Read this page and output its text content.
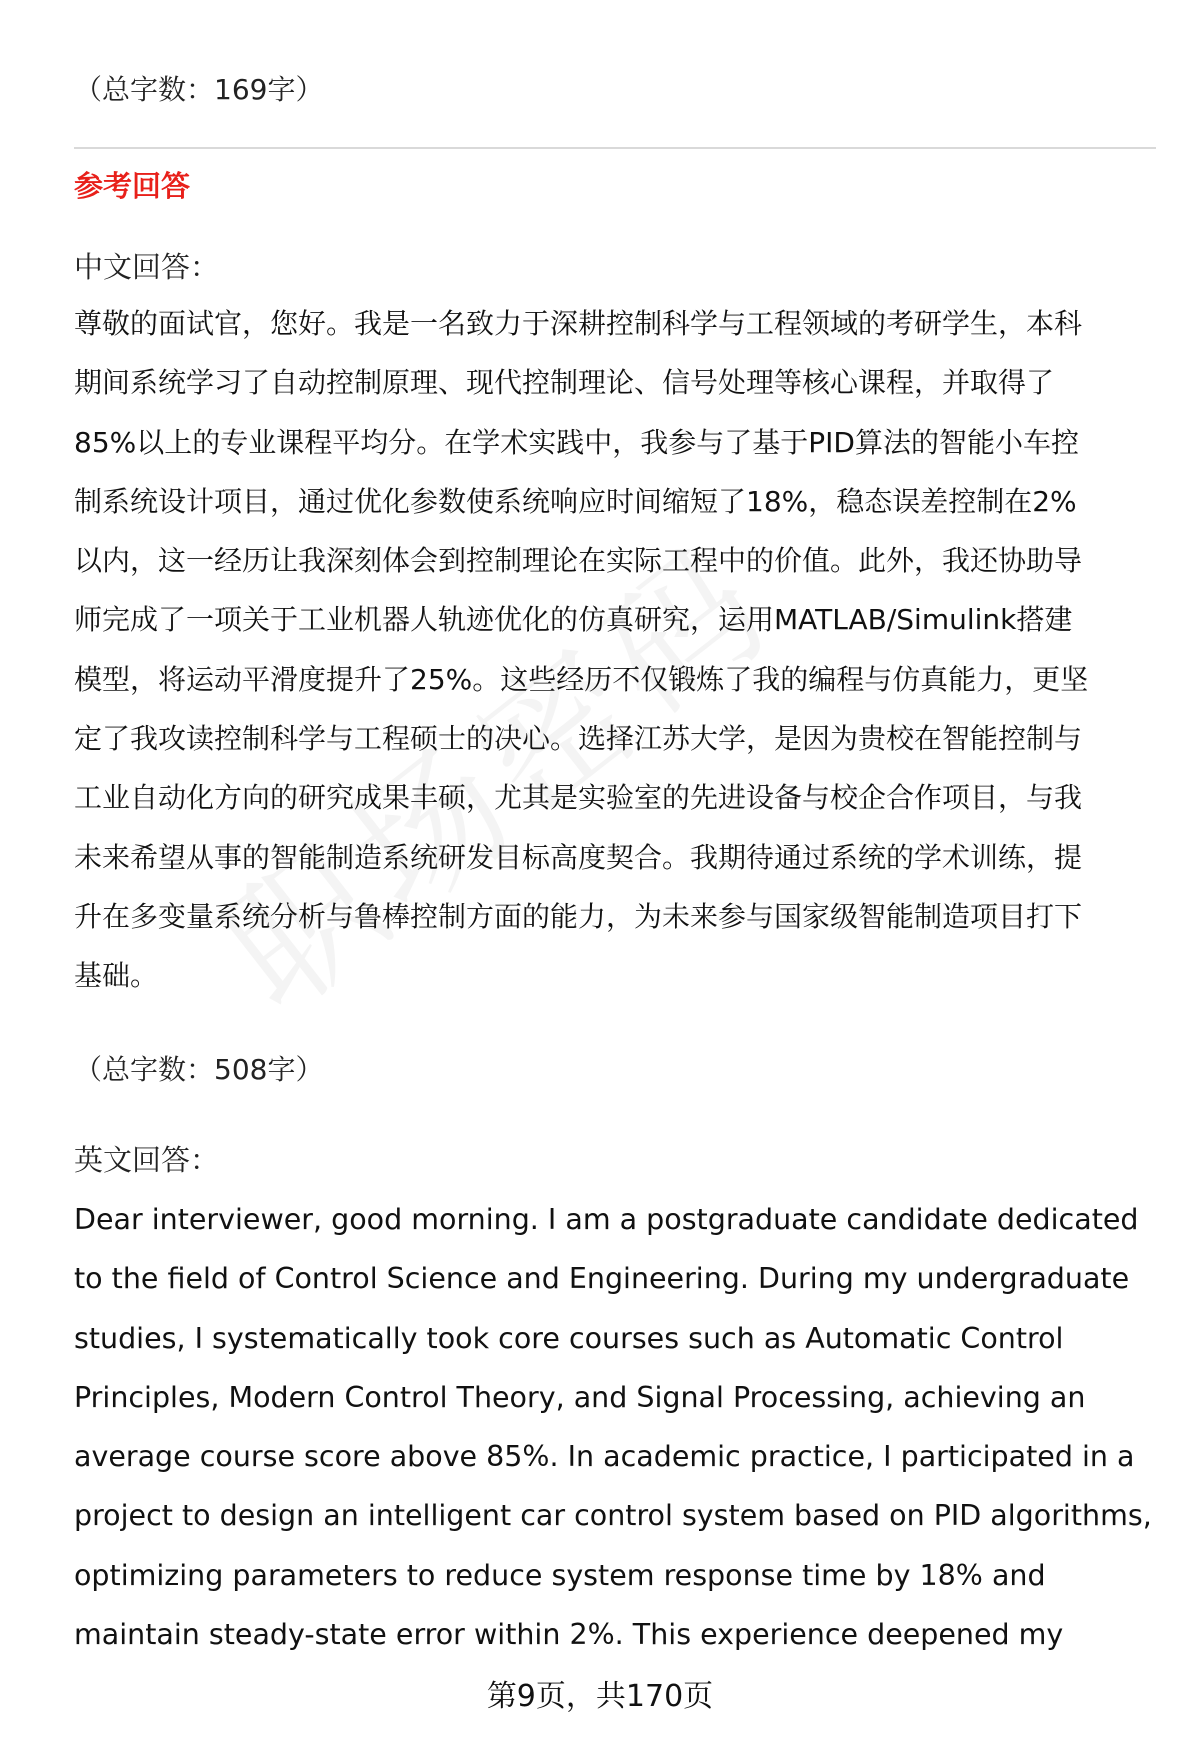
（总字数：169字）
参考回答
中文回答：
尊敬的面试官，您好。我是一名致力于深耕控制科学与工程领域的考研学生，本科
期间系统学习了自动控制原理、现代控制理论、信号处理等核心课程，并取得了
85%以上的专业课程平均分。在学术实践中，我参与了基于PID算法的智能小车控
制系统设计项目，通过优化参数使系统响应时间缩短了18%，稳态误差控制在2%
以内，这一经历让我深刻体会到控制理论在实际工程中的价值。此外，我还协助导
师完成了一项关于工业机器人轨迹优化的仿真研究，运用MATLAB/Simulink搭建
模型，将运动平滑度提升了25%。这些经历不仅锻炼了我的编程与仿真能力，更坚
定了我攻读控制科学与工程硕士的决心。选择江苏大学，是因为贵校在智能控制与
工业自动化方向的研究成果丰硕，尤其是实验室的先进设备与校企合作项目，与我
未来希望从事的智能制造系统研发目标高度契合。我期待通过系统的学术训练，提
升在多变量系统分析与鲁棒控制方面的能力，为未来参与国家级智能制造项目打下
基础。
（总字数：508字）
英文回答：
Dear interviewer, good morning. I am a postgraduate candidate dedicated
to the field of Control Science and Engineering. During my undergraduate
studies, I systematically took core courses such as Automatic Control
Principles, Modern Control Theory, and Signal Processing, achieving an
average course score above 85%. In academic practice, I participated in a
project to design an intelligent car control system based on PID algorithms,
optimizing parameters to reduce system response time by 18% and
maintain steady-state error within 2%. This experience deepened my
第9页，共170页
